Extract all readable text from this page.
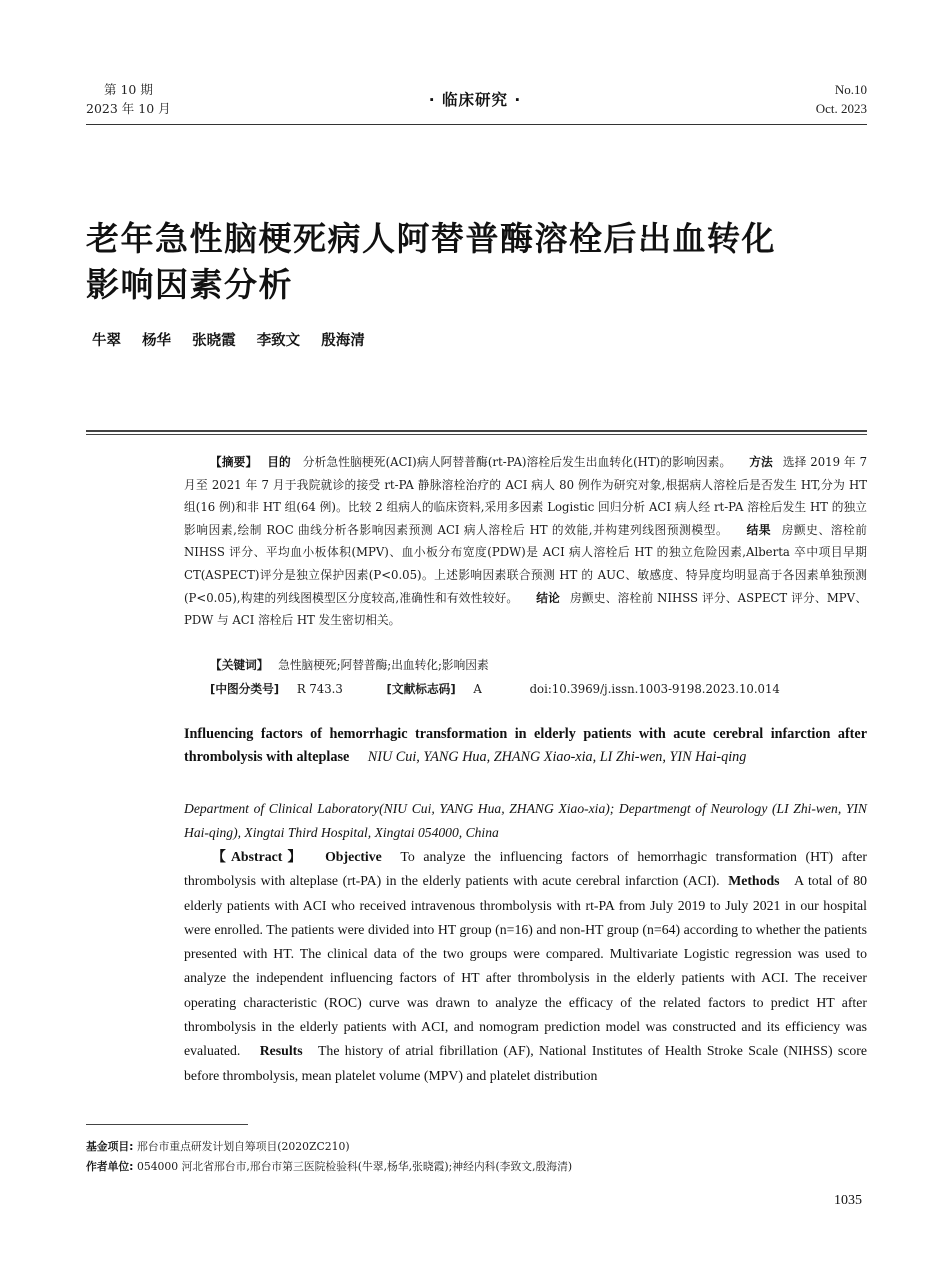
第 10 期
2023 年 10 月	· 临床研究 ·
No.10
Oct. 2023
老年急性脑梗死病人阿替普酶溶栓后出血转化
影响因素分析
牛翠 杨华 张晓霞 李致文 殷海清
【摘要】 目的 分析急性脑梗死(ACI)病人阿替普酶(rt-PA)溶栓后发生出血转化(HT)的影响因素。 方法 选择 2019 年 7 月至 2021 年 7 月于我院就诊的接受 rt-PA 静脉溶栓治疗的 ACI 病人 80 例作为研究对象,根据病人溶栓后是否发生 HT,分为 HT 组(16 例)和非 HT 组(64 例)。比较 2 组病人的临床资料,采用多因素 Logistic 回归分析 ACI 病人经 rt-PA 溶栓后发生 HT 的独立影响因素,绘制 ROC 曲线分析各影响因素预测 ACI 病人溶栓后 HT 的效能,并构建列线图预测模型。 结果 房颤史、溶栓前 NIHSS 评分、平均血小板体积(MPV)、血小板分布宽度(PDW)是 ACI 病人溶栓后 HT 的独立危险因素,Alberta 卒中项目早期 CT(ASPECT)评分是独立保护因素(P<0.05)。上述影响因素联合预测 HT 的 AUC、敏感度、特异度均明显高于各因素单独预测(P<0.05),构建的列线图模型区分度较高,准确性和有效性较好。 结论 房颤史、溶栓前 NIHSS 评分、ASPECT 评分、MPV、PDW 与 ACI 溶栓后 HT 发生密切相关。
【关键词】 急性脑梗死;阿替普酶;出血转化;影响因素
[中图分类号] R 743.3	[文献标志码] A	doi:10.3969/j.issn.1003-9198.2023.10.014
Influencing factors of hemorrhagic transformation in elderly patients with acute cerebral infarction after thrombolysis with alteplase NIU Cui, YANG Hua, ZHANG Xiao-xia, LI Zhi-wen, YIN Hai-qing
Department of Clinical Laboratory(NIU Cui, YANG Hua, ZHANG Xiao-xia); Departmengt of Neurology (LI Zhi-wen, YIN Hai-qing), Xingtai Third Hospital, Xingtai 054000, China
【Abstract】 Objective To analyze the influencing factors of hemorrhagic transformation (HT) after thrombolysis with alteplase (rt-PA) in the elderly patients with acute cerebral infarction (ACI). Methods A total of 80 elderly patients with ACI who received intravenous thrombolysis with rt-PA from July 2019 to July 2021 in our hospital were enrolled. The patients were divided into HT group (n=16) and non-HT group (n=64) according to whether the patients presented with HT. The clinical data of the two groups were compared. Multivariate Logistic regression was used to analyze the independent influencing factors of HT after thrombolysis in the elderly patients with ACI. The receiver operating characteristic (ROC) curve was drawn to analyze the efficacy of the related factors to predict HT after thrombolysis in the elderly patients with ACI, and nomogram prediction model was constructed and its efficiency was evaluated. Results The history of atrial fibrillation (AF), National Institutes of Health Stroke Scale (NIHSS) score before thrombolysis, mean platelet volume (MPV) and platelet distribution
基金项目: 邢台市重点研发计划自筹项目(2020ZC210)
作者单位: 054000 河北省邢台市,邢台市第三医院检验科(牛翠,杨华,张晓霞);神经内科(李致文,殷海清)
1035
